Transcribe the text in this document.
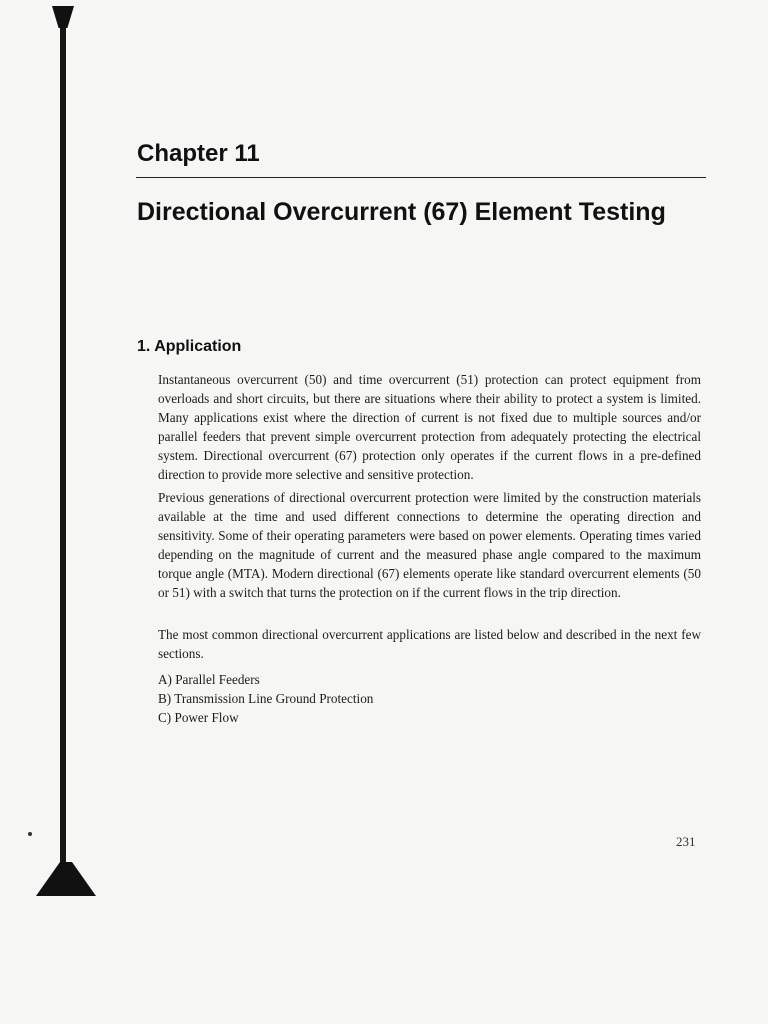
Chapter 11
Directional Overcurrent (67) Element Testing
1. Application

Instantaneous overcurrent (50) and time overcurrent (51) protection can protect equipment from overloads and short circuits, but there are situations where their ability to protect a system is limited. Many applications exist where the direction of current is not fixed due to multiple sources and/or parallel feeders that prevent simple overcurrent protection from adequately protecting the electrical system. Directional overcurrent (67) protection only operates if the current flows in a pre-defined direction to provide more selective and sensitive protection.

Previous generations of directional overcurrent protection were limited by the construction materials available at the time and used different connections to determine the operating direction and sensitivity. Some of their operating parameters were based on power elements. Operating times varied depending on the magnitude of current and the measured phase angle compared to the maximum torque angle (MTA). Modern directional (67) elements operate like standard overcurrent elements (50 or 51) with a switch that turns the protection on if the current flows in the trip direction.

The most common directional overcurrent applications are listed below and described in the next few sections.

A) Parallel Feeders
B) Transmission Line Ground Protection
C) Power Flow
231
